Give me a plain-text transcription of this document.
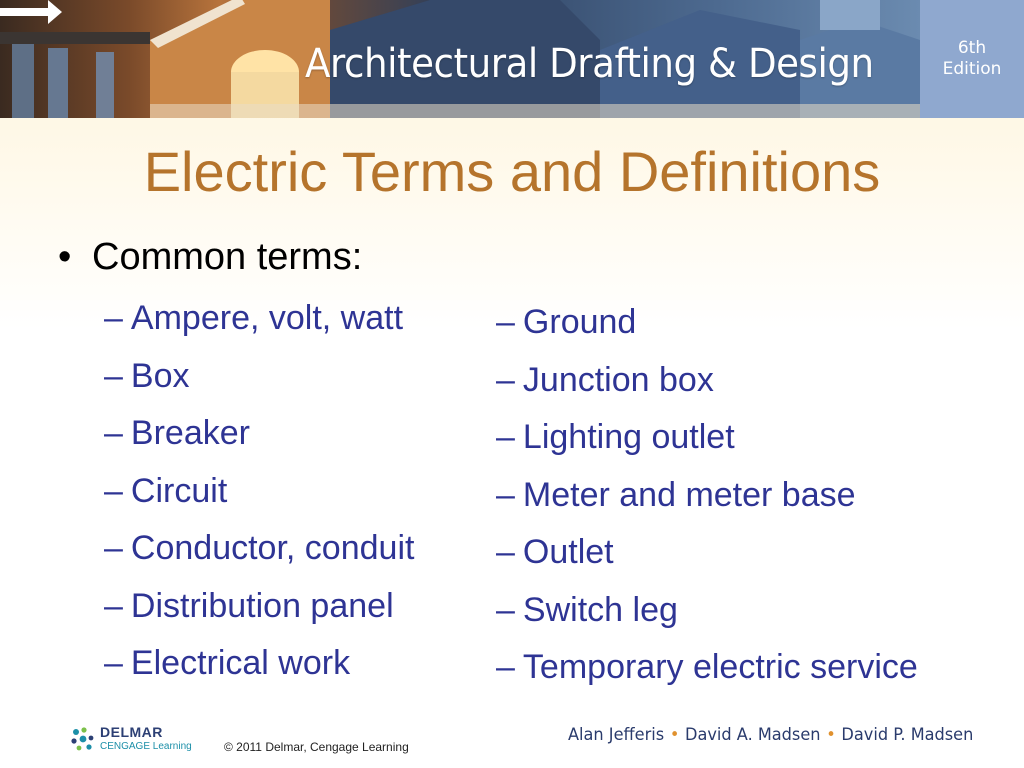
Architectural Drafting & Design	6th
Edition
Electric Terms and Definitions
• Common terms:
– Ampere, volt, watt
– Box
– Breaker
– Circuit
– Conductor, conduit
– Distribution panel
– Electrical work
– Ground
– Junction box
– Lighting outlet
– Meter and meter base
– Outlet
– Switch leg
– Temporary electric service
DELMAR
CENGAGE Learning	© 2011 Delmar, Cengage Learning
Alan Jefferis • David A. Madsen • David P. Madsen
